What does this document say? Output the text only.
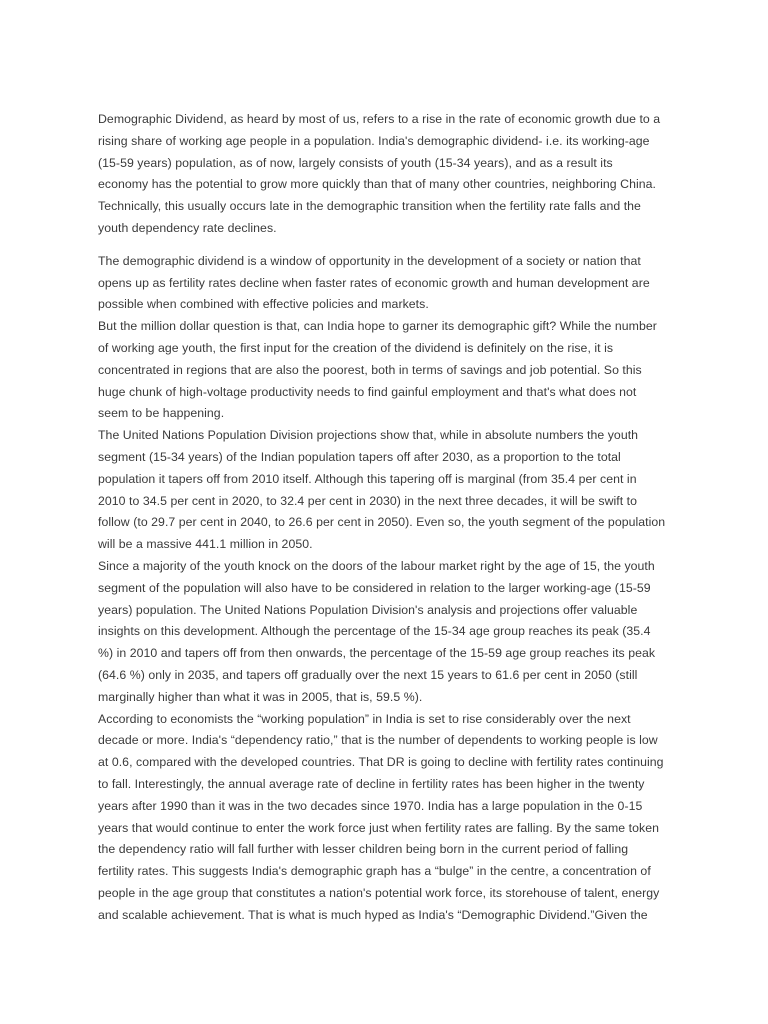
Demographic Dividend, as heard by most of us, refers to a rise in the rate of economic growth due to a rising share of working age people in a population. India's demographic dividend- i.e. its working-age (15-59 years) population, as of now, largely consists of youth (15-34 years), and as a result its economy has the potential to grow more quickly than that of many other countries, neighboring China. Technically, this usually occurs late in the demographic transition when the fertility rate falls and the youth dependency rate declines.

The demographic dividend is a window of opportunity in the development of a society or nation that opens up as fertility rates decline when faster rates of economic growth and human development are possible when combined with effective policies and markets.

But the million dollar question is that, can India hope to garner its demographic gift? While the number of working age youth, the first input for the creation of the dividend is definitely on the rise, it is concentrated in regions that are also the poorest, both in terms of savings and job potential. So this huge chunk of high-voltage productivity needs to find gainful employment and that's what does not seem to be happening.

The United Nations Population Division projections show that, while in absolute numbers the youth segment (15-34 years) of the Indian population tapers off after 2030, as a proportion to the total population it tapers off from 2010 itself. Although this tapering off is marginal (from 35.4 per cent in 2010 to 34.5 per cent in 2020, to 32.4 per cent in 2030) in the next three decades, it will be swift to follow (to 29.7 per cent in 2040, to 26.6 per cent in 2050). Even so, the youth segment of the population will be a massive 441.1 million in 2050.

Since a majority of the youth knock on the doors of the labour market right by the age of 15, the youth segment of the population will also have to be considered in relation to the larger working-age (15-59 years) population. The United Nations Population Division's analysis and projections offer valuable insights on this development. Although the percentage of the 15-34 age group reaches its peak (35.4 %) in 2010 and tapers off from then onwards, the percentage of the 15-59 age group reaches its peak (64.6 %) only in 2035, and tapers off gradually over the next 15 years to 61.6 per cent in 2050 (still marginally higher than what it was in 2005, that is, 59.5 %).

According to economists the “working population” in India is set to rise considerably over the next decade or more. India's “dependency ratio,” that is the number of dependents to working people is low at 0.6, compared with the developed countries. That DR is going to decline with fertility rates continuing to fall. Interestingly, the annual average rate of decline in fertility rates has been higher in the twenty years after 1990 than it was in the two decades since 1970. India has a large population in the 0-15 years that would continue to enter the work force just when fertility rates are falling. By the same token the dependency ratio will fall further with lesser children being born in the current period of falling fertility rates. This suggests India's demographic graph has a “bulge” in the centre, a concentration of people in the age group that constitutes a nation's potential work force, its storehouse of talent, energy and scalable achievement. That is what is much hyped as India's “Demographic Dividend.”Given the
